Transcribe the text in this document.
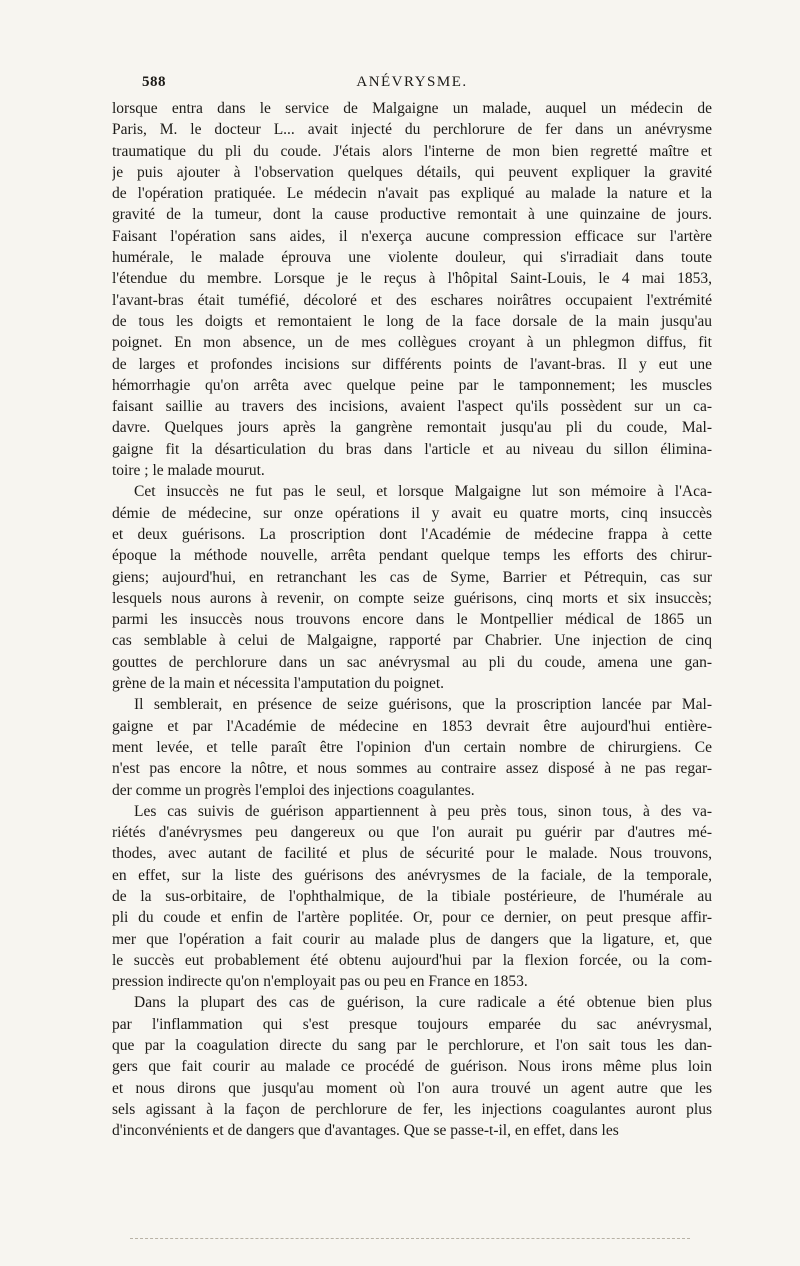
588	ANÉVRYSME.
lorsque entra dans le service de Malgaigne un malade, auquel un médecin de
Paris, M. le docteur L... avait injecté du perchlorure de fer dans un anévrysme
traumatique du pli du coude. J'étais alors l'interne de mon bien regretté maître et
je puis ajouter à l'observation quelques détails, qui peuvent expliquer la gravité
de l'opération pratiquée. Le médecin n'avait pas expliqué au malade la nature et la
gravité de la tumeur, dont la cause productive remontait à une quinzaine de jours.
Faisant l'opération sans aides, il n'exerça aucune compression efficace sur l'artère
humérale, le malade éprouva une violente douleur, qui s'irradiait dans toute
l'étendue du membre. Lorsque je le reçus à l'hôpital Saint-Louis, le 4 mai 1853,
l'avant-bras était tuméfié, décoloré et des eschares noirâtres occupaient l'extrémité
de tous les doigts et remontaient le long de la face dorsale de la main jusqu'au
poignet. En mon absence, un de mes collègues croyant à un phlegmon diffus, fit
de larges et profondes incisions sur différents points de l'avant-bras. Il y eut une
hémorrhagie qu'on arrêta avec quelque peine par le tamponnement; les muscles
faisant saillie au travers des incisions, avaient l'aspect qu'ils possèdent sur un ca-
davre. Quelques jours après la gangrène remontait jusqu'au pli du coude, Mal-
gaigne fit la désarticulation du bras dans l'article et au niveau du sillon élimina-
toire ; le malade mourut.
Cet insuccès ne fut pas le seul, et lorsque Malgaigne lut son mémoire à l'Aca-
démie de médecine, sur onze opérations il y avait eu quatre morts, cinq insuccès
et deux guérisons. La proscription dont l'Académie de médecine frappa à cette
époque la méthode nouvelle, arrêta pendant quelque temps les efforts des chirur-
giens; aujourd'hui, en retranchant les cas de Syme, Barrier et Pétrequin, cas sur
lesquels nous aurons à revenir, on compte seize guérisons, cinq morts et six insuccès;
parmi les insuccès nous trouvons encore dans le Montpellier médical de 1865 un
cas semblable à celui de Malgaigne, rapporté par Chabrier. Une injection de cinq
gouttes de perchlorure dans un sac anévrysmal au pli du coude, amena une gan-
grène de la main et nécessita l'amputation du poignet.
Il semblerait, en présence de seize guérisons, que la proscription lancée par Mal-
gaigne et par l'Académie de médecine en 1853 devrait être aujourd'hui entière-
ment levée, et telle paraît être l'opinion d'un certain nombre de chirurgiens. Ce
n'est pas encore la nôtre, et nous sommes au contraire assez disposé à ne pas regar-
der comme un progrès l'emploi des injections coagulantes.
Les cas suivis de guérison appartiennent à peu près tous, sinon tous, à des va-
riétés d'anévrysmes peu dangereux ou que l'on aurait pu guérir par d'autres mé-
thodes, avec autant de facilité et plus de sécurité pour le malade. Nous trouvons,
en effet, sur la liste des guérisons des anévrysmes de la faciale, de la temporale,
de la sus-orbitaire, de l'ophthalmique, de la tibiale postérieure, de l'humérale au
pli du coude et enfin de l'artère poplitée. Or, pour ce dernier, on peut presque affir-
mer que l'opération a fait courir au malade plus de dangers que la ligature, et, que
le succès eut probablement été obtenu aujourd'hui par la flexion forcée, ou la com-
pression indirecte qu'on n'employait pas ou peu en France en 1853.
Dans la plupart des cas de guérison, la cure radicale a été obtenue bien plus
par l'inflammation qui s'est presque toujours emparée du sac anévrysmal,
que par la coagulation directe du sang par le perchlorure, et l'on sait tous les dan-
gers que fait courir au malade ce procédé de guérison. Nous irons même plus loin
et nous dirons que jusqu'au moment où l'on aura trouvé un agent autre que les
sels agissant à la façon de perchlorure de fer, les injections coagulantes auront plus
d'inconvénients et de dangers que d'avantages. Que se passe-t-il, en effet, dans les
